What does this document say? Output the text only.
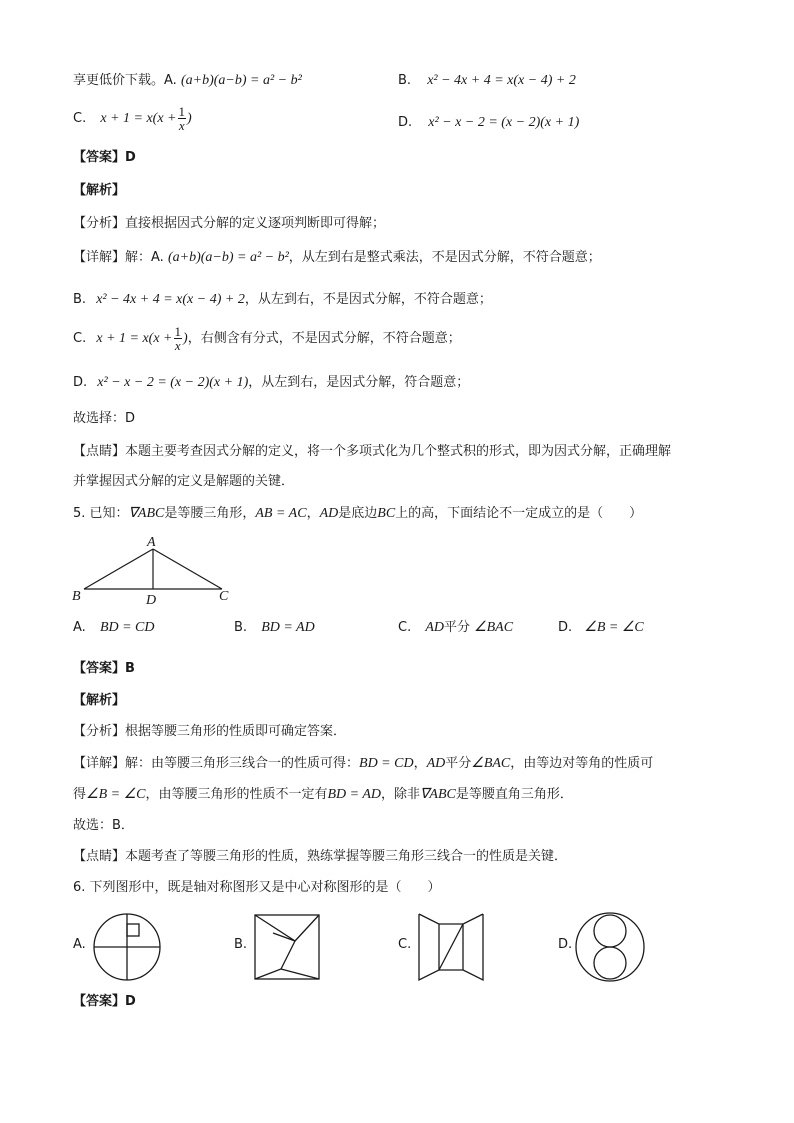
享更低价下载。A. (a+b)(a−b) = a² − b²	B. x² − 4x + 4 = x(x − 4) + 2
C. $x + 1 = x(x + \frac{1}{x}$ )	D. x² − x − 2 = (x − 2)(x + 1)
【答案】D
【解析】
【分析】直接根据因式分解的定义逐项判断即可得解；
【详解】解：A. (a+b)(a−b) = a² − b²，从左到右是整式乘法，不是因式分解，不符合题意；
B. x² − 4x + 4 = x(x − 4) + 2，从左到右，不是因式分解，不符合题意；
C. $x + 1 = x(x + \frac{1}{x}$ )，右侧含有分式，不是因式分解，不符合题意；
D. x² − x − 2 = (x − 2)(x + 1)，从左到右，是因式分解，符合题意；
故选择：D
【点睛】本题主要考查因式分解的定义，将一个多项式化为几个整式积的形式，即为因式分解，正确理解
并掌握因式分解的定义是解题的关键．
5. 已知：∇ABC是等腰三角形，AB = AC，AD是底边BC上的高，下面结论不一定成立的是（　　）
A
B	C
D
A. BD = CD	B. BD = AD	C. AD平分 ∠BAC	D. ∠B = ∠C
【答案】B
【解析】
【分析】根据等腰三角形的性质即可确定答案．
【详解】解：由等腰三角形三线合一的性质可得：BD = CD，AD平分∠BAC，由等边对等角的性质可
得∠B = ∠C，由等腰三角形的性质不一定有BD = AD，除非∇ABC是等腰直角三角形．
故选：B．
【点睛】本题考查了等腰三角形的性质，熟练掌握等腰三角形三线合一的性质是关键．
6. 下列图形中，既是轴对称图形又是中心对称图形的是（　　）
A.	B.	C.	D.
【答案】D
